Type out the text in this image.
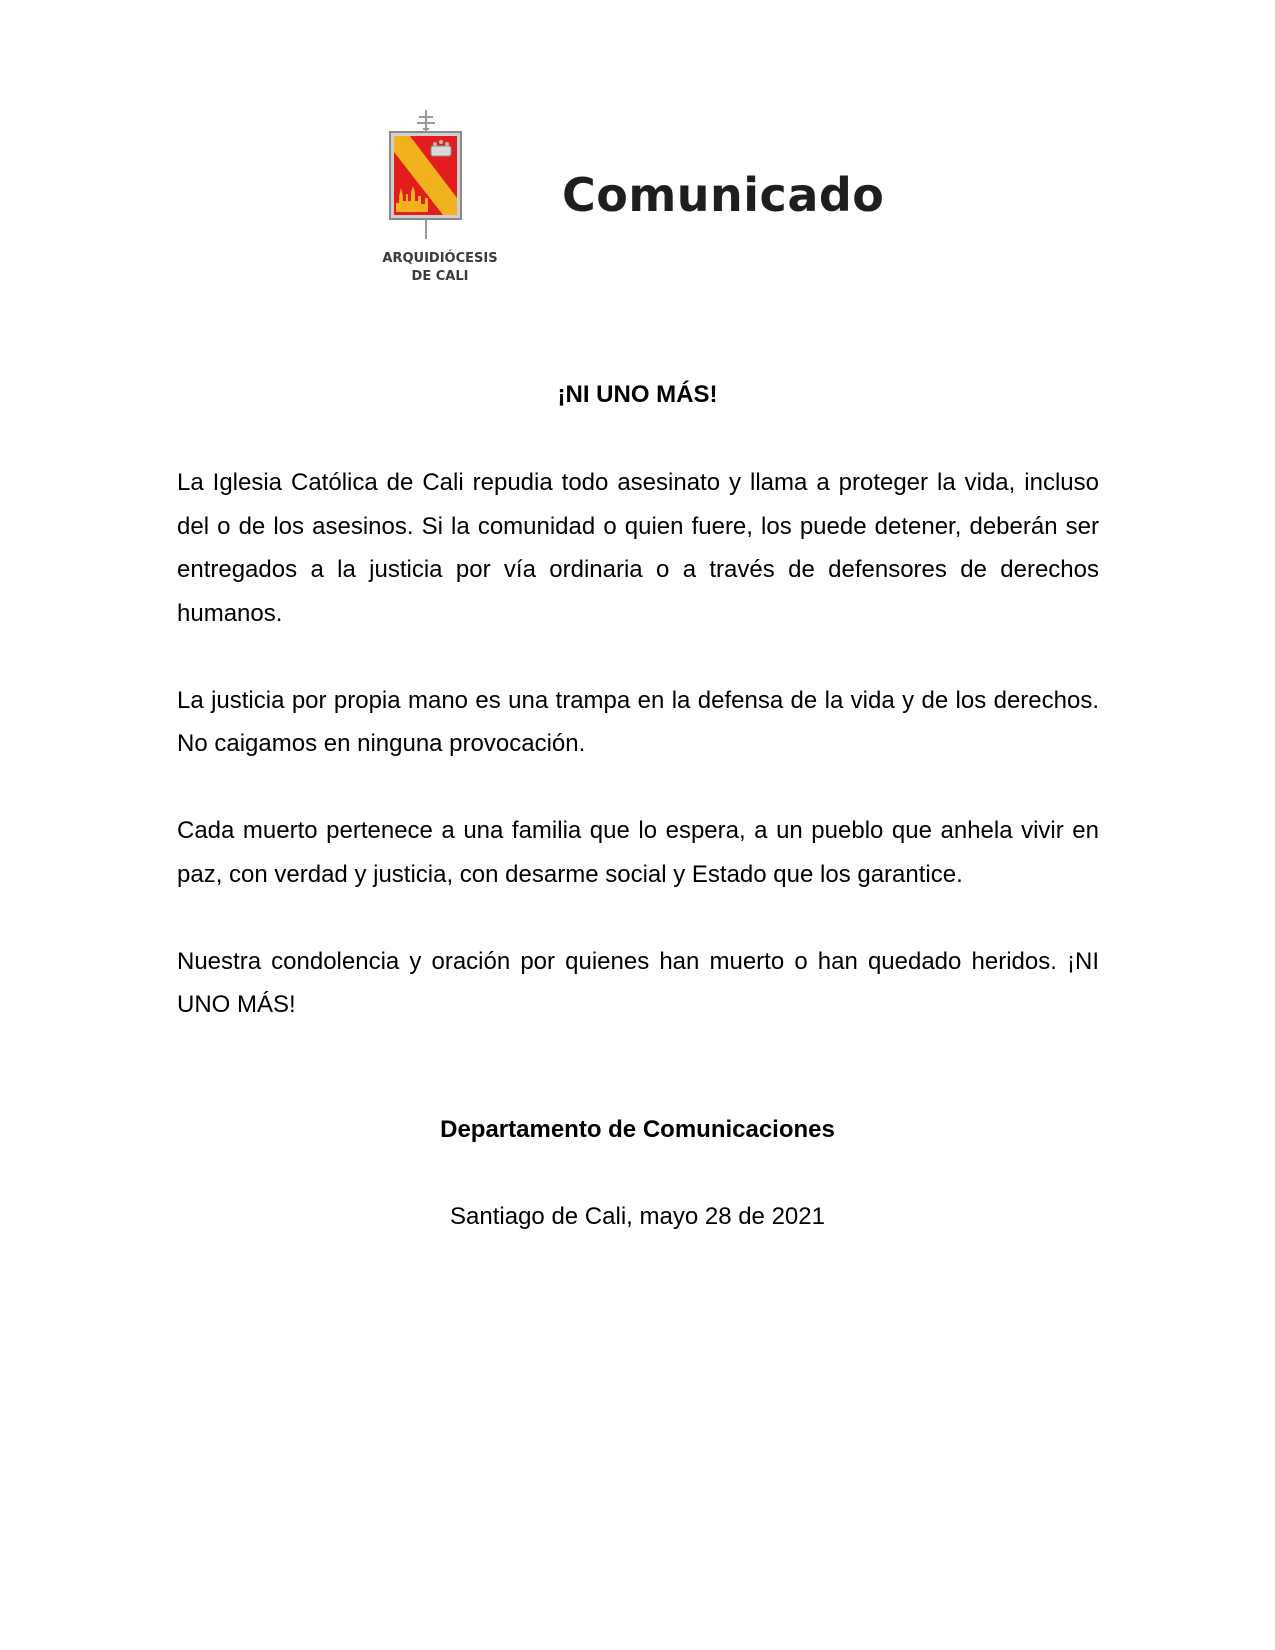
ARQUIDIÓCESIS
DE CALI
Comunicado
¡NI UNO MÁS!

La Iglesia Católica de Cali repudia todo asesinato y llama a proteger la vida, incluso del o de los asesinos. Si la comunidad o quien fuere, los puede detener, deberán ser entregados a la justicia por vía ordinaria o a través de defensores de derechos humanos.

La justicia por propia mano es una trampa en la defensa de la vida y de los derechos. No caigamos en ninguna provocación.

Cada muerto pertenece a una familia que lo espera, a un pueblo que anhela vivir en paz, con verdad y justicia, con desarme social y Estado que los garantice.

Nuestra condolencia y oración por quienes han muerto o han quedado heridos. ¡NI UNO MÁS!

Departamento de Comunicaciones
Santiago de Cali, mayo 28 de 2021
